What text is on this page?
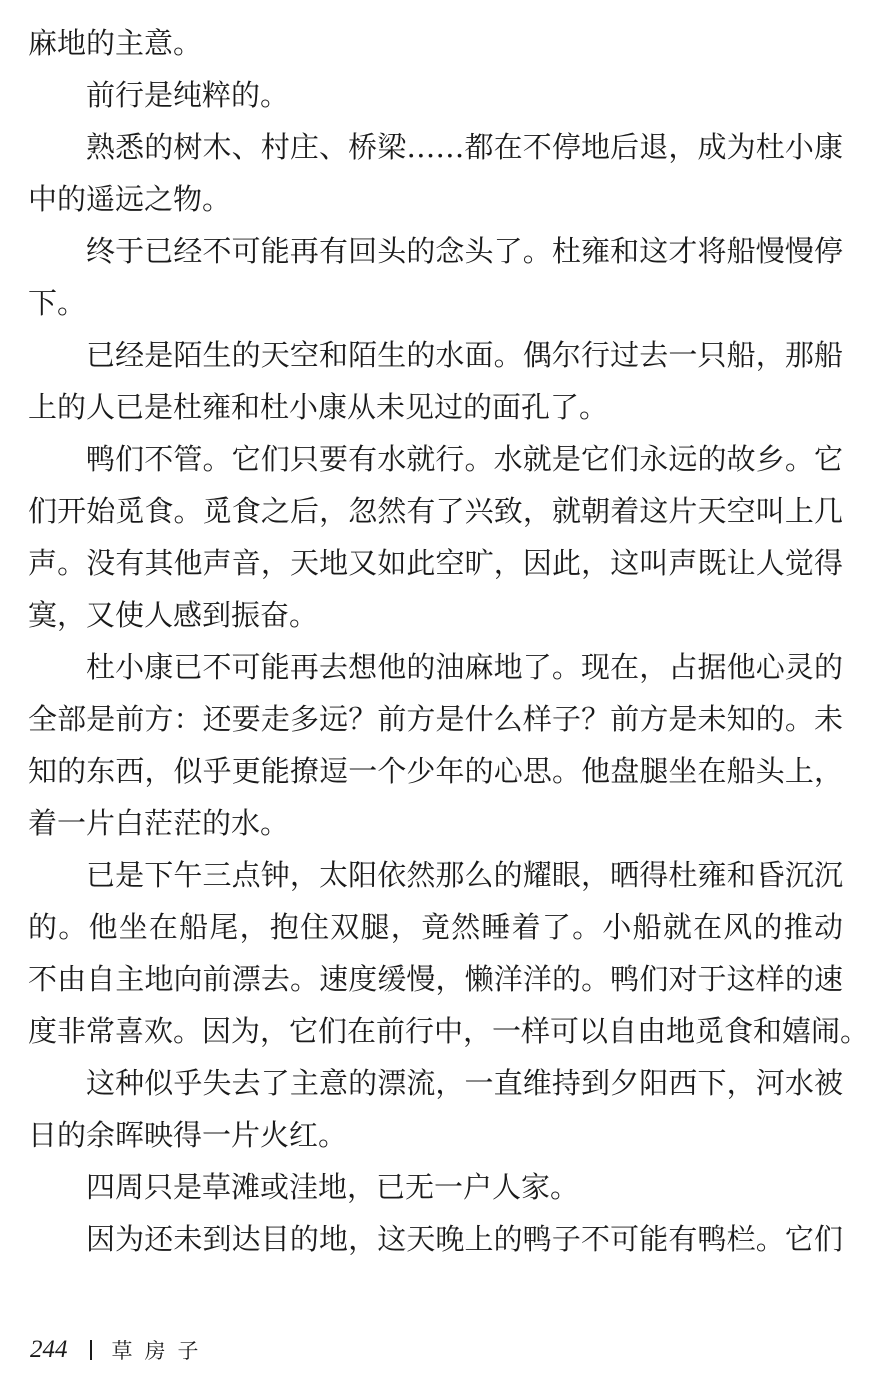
麻地的主意。
前行是纯粹的。
熟悉的树木、村庄、桥梁……都在不停地后退，成为杜小康
中的遥远之物。
终于已经不可能再有回头的念头了。杜雍和这才将船慢慢停
下。
已经是陌生的天空和陌生的水面。偶尔行过去一只船，那船
上的人已是杜雍和杜小康从未见过的面孔了。
鸭们不管。它们只要有水就行。水就是它们永远的故乡。它
们开始觅食。觅食之后，忽然有了兴致，就朝着这片天空叫上几
声。没有其他声音，天地又如此空旷，因此，这叫声既让人觉得
寞，又使人感到振奋。
杜小康已不可能再去想他的油麻地了。现在，占据他心灵的
全部是前方：还要走多远？前方是什么样子？前方是未知的。未
知的东西，似乎更能撩逗一个少年的心思。他盘腿坐在船头上，
着一片白茫茫的水。
已是下午三点钟，太阳依然那么的耀眼，晒得杜雍和昏沉沉
的。他坐在船尾，抱住双腿，竟然睡着了。小船就在风的推动
不由自主地向前漂去。速度缓慢，懒洋洋的。鸭们对于这样的速
度非常喜欢。因为，它们在前行中，一样可以自由地觅食和嬉闹。
这种似乎失去了主意的漂流，一直维持到夕阳西下，河水被
日的余晖映得一片火红。
四周只是草滩或洼地，已无一户人家。
因为还未到达目的地，这天晚上的鸭子不可能有鸭栏。它们
244 草房子
